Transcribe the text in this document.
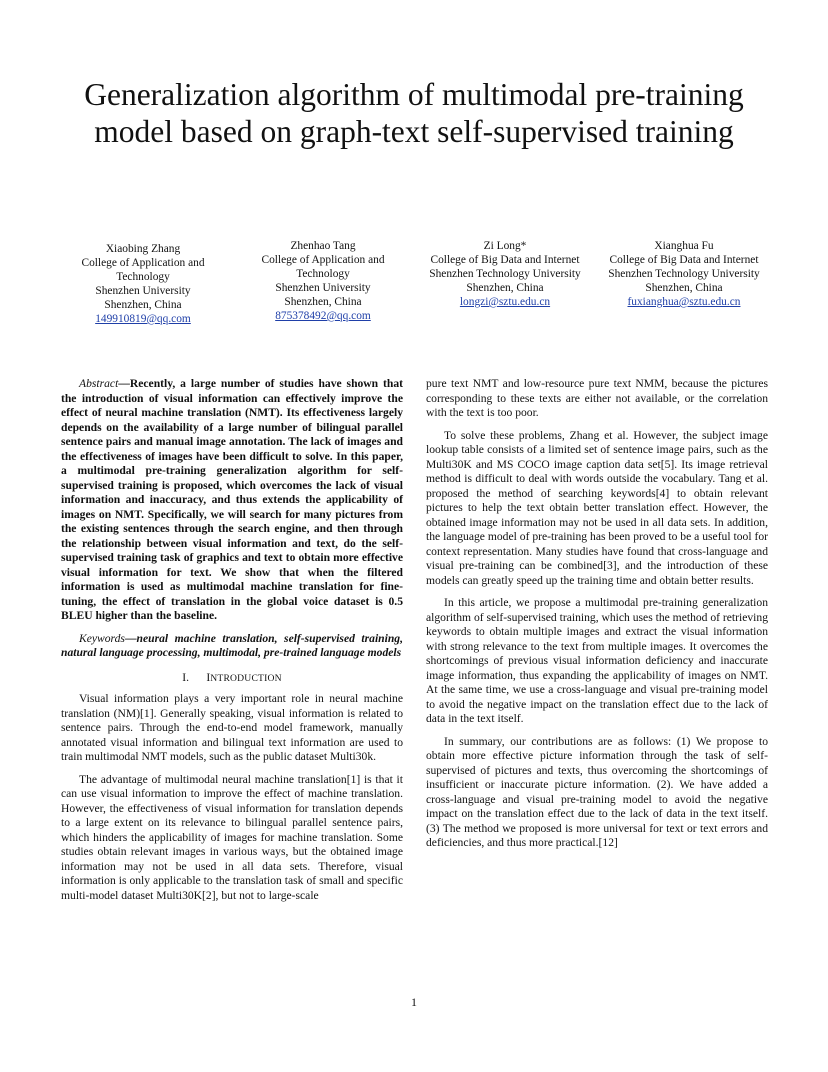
Generalization algorithm of multimodal pre-training
model based on graph-text self-supervised training
Xiaobing Zhang
College of Application and
Technology
Shenzhen University
Shenzhen, China
149910819@qq.com
Zhenhao Tang
College of Application and
Technology
Shenzhen University
Shenzhen, China
875378492@qq.com
Zi Long*
College of Big Data and Internet
Shenzhen Technology University
Shenzhen, China
longzi@sztu.edu.cn
Xianghua Fu
College of Big Data and Internet
Shenzhen Technology University
Shenzhen, China
fuxianghua@sztu.edu.cn

Abstract—Recently, a large number of studies have shown that the introduction of visual information can effectively improve the effect of neural machine translation (NMT). Its effectiveness largely depends on the availability of a large number of bilingual parallel sentence pairs and manual image annotation. The lack of images and the effectiveness of images have been difficult to solve. In this paper, a multimodal pre-training generalization algorithm for self-supervised training is proposed, which overcomes the lack of visual information and inaccuracy, and thus extends the applicability of images on NMT. Specifically, we will search for many pictures from the existing sentences through the search engine, and then through the relationship between visual information and text, do the self-supervised training task of graphics and text to obtain more effective visual information for text. We show that when the filtered information is used as multimodal machine translation for fine-tuning, the effect of translation in the global voice dataset is 0.5 BLEU higher than the baseline.

Keywords—neural machine translation, self-supervised training, natural language processing, multimodal, pre-trained language models

I. INTRODUCTION

Visual information plays a very important role in neural machine translation (NM)[1]. Generally speaking, visual information is related to sentence pairs. Through the end-to-end model framework, manually annotated visual information and bilingual text information are used to train multimodal NMT models, such as the public dataset Multi30k.

The advantage of multimodal neural machine translation[1] is that it can use visual information to improve the effect of machine translation. However, the effectiveness of visual information for translation depends to a large extent on its relevance to bilingual parallel sentence pairs, which hinders the applicability of images for machine translation. Some studies obtain relevant images in various ways, but the obtained image information may not be used in all data sets. Therefore, visual information is only applicable to the translation task of small and specific multi-model dataset Multi30K[2], but not to large-scale

pure text NMT and low-resource pure text NMM, because the pictures corresponding to these texts are either not available, or the correlation with the text is too poor.

To solve these problems, Zhang et al. However, the subject image lookup table consists of a limited set of sentence image pairs, such as the Multi30K and MS COCO image caption data set[5]. Its image retrieval method is difficult to deal with words outside the vocabulary. Tang et al. proposed the method of searching keywords[4] to obtain relevant pictures to help the text obtain better translation effect. However, the obtained image information may not be used in all data sets. In addition, the language model of pre-training has been proved to be a useful tool for context representation. Many studies have found that cross-language and visual pre-training can be combined[3], and the introduction of these models can greatly speed up the training time and obtain better results.

In this article, we propose a multimodal pre-training generalization algorithm of self-supervised training, which uses the method of retrieving keywords to obtain multiple images and extract the visual information with strong relevance to the text from multiple images. It overcomes the shortcomings of previous visual information deficiency and inaccurate image information, thus expanding the applicability of images on NMT. At the same time, we use a cross-language and visual pre-training model to avoid the negative impact on the translation effect due to the lack of data in the text itself.

In summary, our contributions are as follows: (1) We propose to obtain more effective picture information through the task of self-supervised of pictures and texts, thus overcoming the shortcomings of insufficient or inaccurate picture information. (2). We have added a cross-language and visual pre-training model to avoid the negative impact on the translation effect due to the lack of data in the text itself. (3) The method we proposed is more universal for text or text errors and deficiencies, and thus more practical.[12]

1
